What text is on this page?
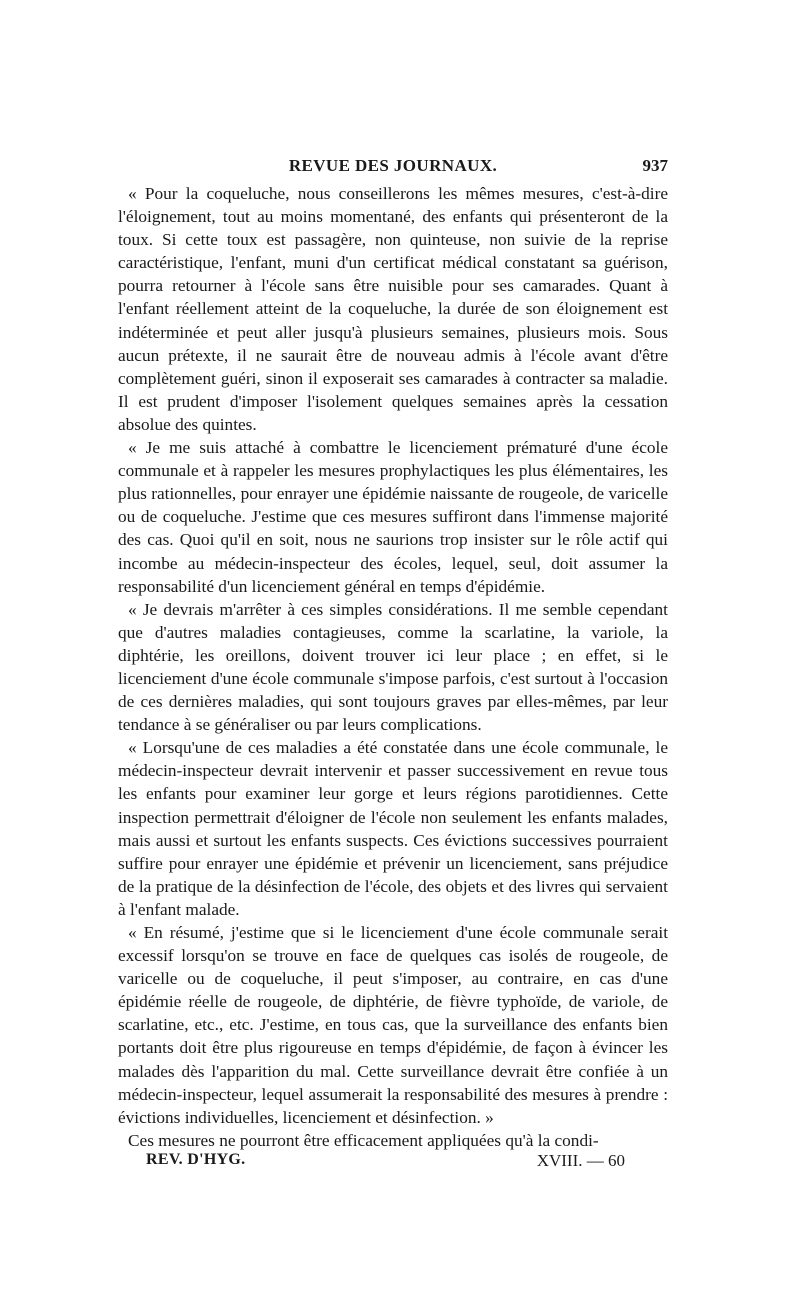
REVUE DES JOURNAUX.	937

« Pour la coqueluche, nous conseillerons les mêmes mesures, c'est-à-dire l'éloignement, tout au moins momentané, des enfants qui présenteront de la toux. Si cette toux est passagère, non quinteuse, non suivie de la reprise caractéristique, l'enfant, muni d'un certificat médical constatant sa guérison, pourra retourner à l'école sans être nuisible pour ses camarades. Quant à l'enfant réellement atteint de la coqueluche, la durée de son éloignement est indéterminée et peut aller jusqu'à plusieurs semaines, plusieurs mois. Sous aucun prétexte, il ne saurait être de nouveau admis à l'école avant d'être complètement guéri, sinon il exposerait ses camarades à contracter sa maladie. Il est prudent d'imposer l'isolement quelques semaines après la cessation absolue des quintes.

« Je me suis attaché à combattre le licenciement prématuré d'une école communale et à rappeler les mesures prophylactiques les plus élémentaires, les plus rationnelles, pour enrayer une épidémie naissante de rougeole, de varicelle ou de coqueluche. J'estime que ces mesures suffiront dans l'immense majorité des cas. Quoi qu'il en soit, nous ne saurions trop insister sur le rôle actif qui incombe au médecin-inspecteur des écoles, lequel, seul, doit assumer la responsabilité d'un licenciement général en temps d'épidémie.

« Je devrais m'arrêter à ces simples considérations. Il me semble cependant que d'autres maladies contagieuses, comme la scarlatine, la variole, la diphtérie, les oreillons, doivent trouver ici leur place ; en effet, si le licenciement d'une école communale s'impose parfois, c'est surtout à l'occasion de ces dernières maladies, qui sont toujours graves par elles-mêmes, par leur tendance à se généraliser ou par leurs complications.

« Lorsqu'une de ces maladies a été constatée dans une école communale, le médecin-inspecteur devrait intervenir et passer successivement en revue tous les enfants pour examiner leur gorge et leurs régions parotidiennes. Cette inspection permettrait d'éloigner de l'école non seulement les enfants malades, mais aussi et surtout les enfants suspects. Ces évictions successives pourraient suffire pour enrayer une épidémie et prévenir un licenciement, sans préjudice de la pratique de la désinfection de l'école, des objets et des livres qui servaient à l'enfant malade.

« En résumé, j'estime que si le licenciement d'une école communale serait excessif lorsqu'on se trouve en face de quelques cas isolés de rougeole, de varicelle ou de coqueluche, il peut s'imposer, au contraire, en cas d'une épidémie réelle de rougeole, de diphtérie, de fièvre typhoïde, de variole, de scarlatine, etc., etc. J'estime, en tous cas, que la surveillance des enfants bien portants doit être plus rigoureuse en temps d'épidémie, de façon à évincer les malades dès l'apparition du mal. Cette surveillance devrait être confiée à un médecin-inspecteur, lequel assumerait la responsabilité des mesures à prendre : évictions individuelles, licenciement et désinfection. »

Ces mesures ne pourront être efficacement appliquées qu'à la condi-

REV. D'HYG.	XVIII. — 60
